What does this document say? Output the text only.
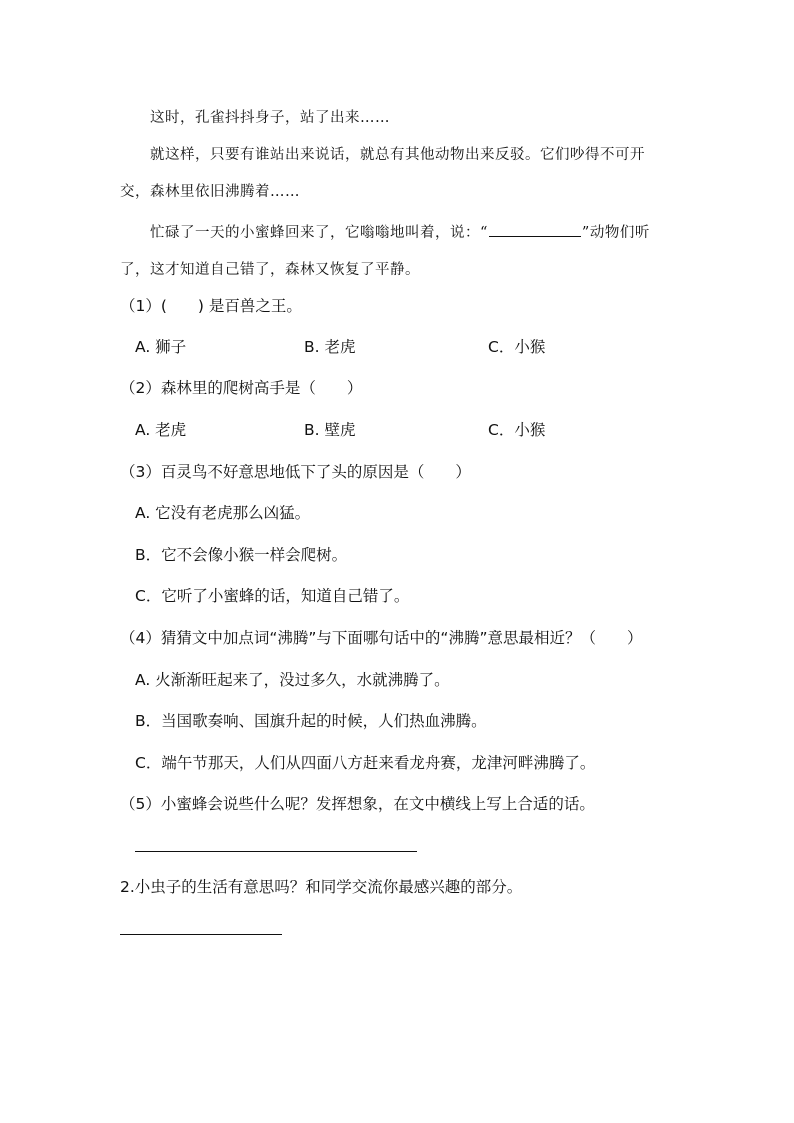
这时，孔雀抖抖身子，站了出来……
就这样，只要有谁站出来说话，就总有其他动物出来反驳。它们吵得不可开
交，森林里依旧沸腾着……
忙碌了一天的小蜜蜂回来了，它嗡嗡地叫着，说：“	”动物们听
了，这才知道自己错了，森林又恢复了平静。
（1）(　　) 是百兽之王。
A. 狮子	B. 老虎	C．小猴
（2）森林里的爬树高手是（　　）
A. 老虎	B. 壁虎	C．小猴
（3）百灵鸟不好意思地低下了头的原因是（　　）
A. 它没有老虎那么凶猛。
B．它不会像小猴一样会爬树。
C．它听了小蜜蜂的话，知道自己错了。
（4）猜猜文中加点词“沸腾”与下面哪句话中的“沸腾”意思最相近？（　　）
A. 火渐渐旺起来了，没过多久，水就沸腾了。
B．当国歌奏响、国旗升起的时候，人们热血沸腾。
C．端午节那天，人们从四面八方赶来看龙舟赛，龙津河畔沸腾了。
（5）小蜜蜂会说些什么呢？发挥想象，在文中横线上写上合适的话。
2.小虫子的生活有意思吗？和同学交流你最感兴趣的部分。
